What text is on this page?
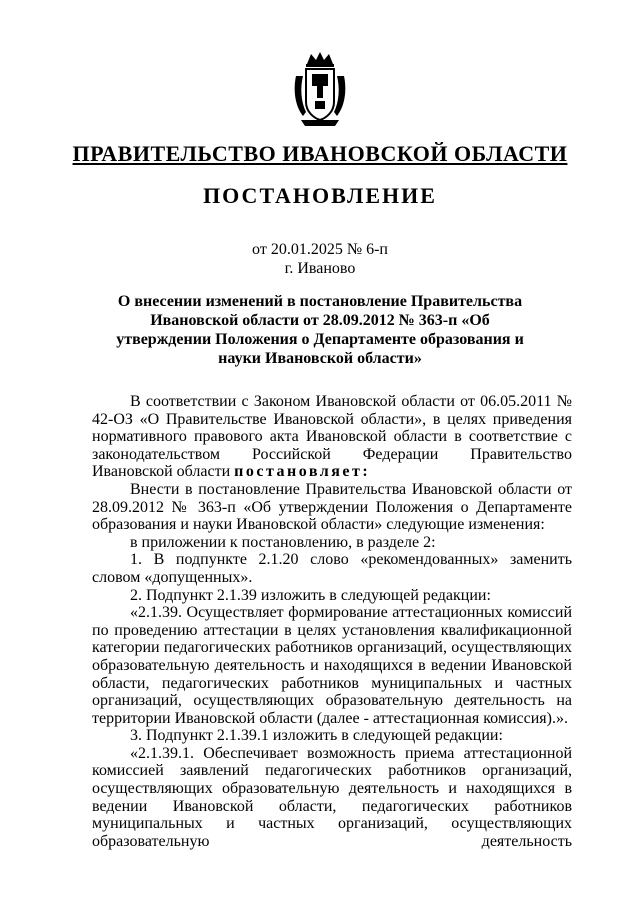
ПРАВИТЕЛЬСТВО ИВАНОВСКОЙ ОБЛАСТИ
ПОСТАНОВЛЕНИЕ
от 20.01.2025 № 6-п
г. Иваново
О внесении изменений в постановление Правительства Ивановской области от 28.09.2012 № 363-п «Об утверждении Положения о Департаменте образования и науки Ивановской области»

В соответствии с Законом Ивановской области от 06.05.2011 № 42-ОЗ «О Правительстве Ивановской области», в целях приведения нормативного правового акта Ивановской области в соответствие с законодательством Российской Федерации Правительство Ивановской области постановляет:

Внести в постановление Правительства Ивановской области от 28.09.2012 № 363-п «Об утверждении Положения о Департаменте образования и науки Ивановской области» следующие изменения:

в приложении к постановлению, в разделе 2:

1. В подпункте 2.1.20 слово «рекомендованных» заменить словом «допущенных».

2. Подпункт 2.1.39 изложить в следующей редакции:

«2.1.39. Осуществляет формирование аттестационных комиссий по проведению аттестации в целях установления квалификационной категории педагогических работников организаций, осуществляющих образовательную деятельность и находящихся в ведении Ивановской области, педагогических работников муниципальных и частных организаций, осуществляющих образовательную деятельность на территории Ивановской области (далее - аттестационная комиссия).».

3. Подпункт 2.1.39.1 изложить в следующей редакции:

«2.1.39.1. Обеспечивает возможность приема аттестационной комиссией заявлений педагогических работников организаций, осуществляющих образовательную деятельность и находящихся в ведении Ивановской области, педагогических работников муниципальных и частных организаций, осуществляющих образовательную деятельность
